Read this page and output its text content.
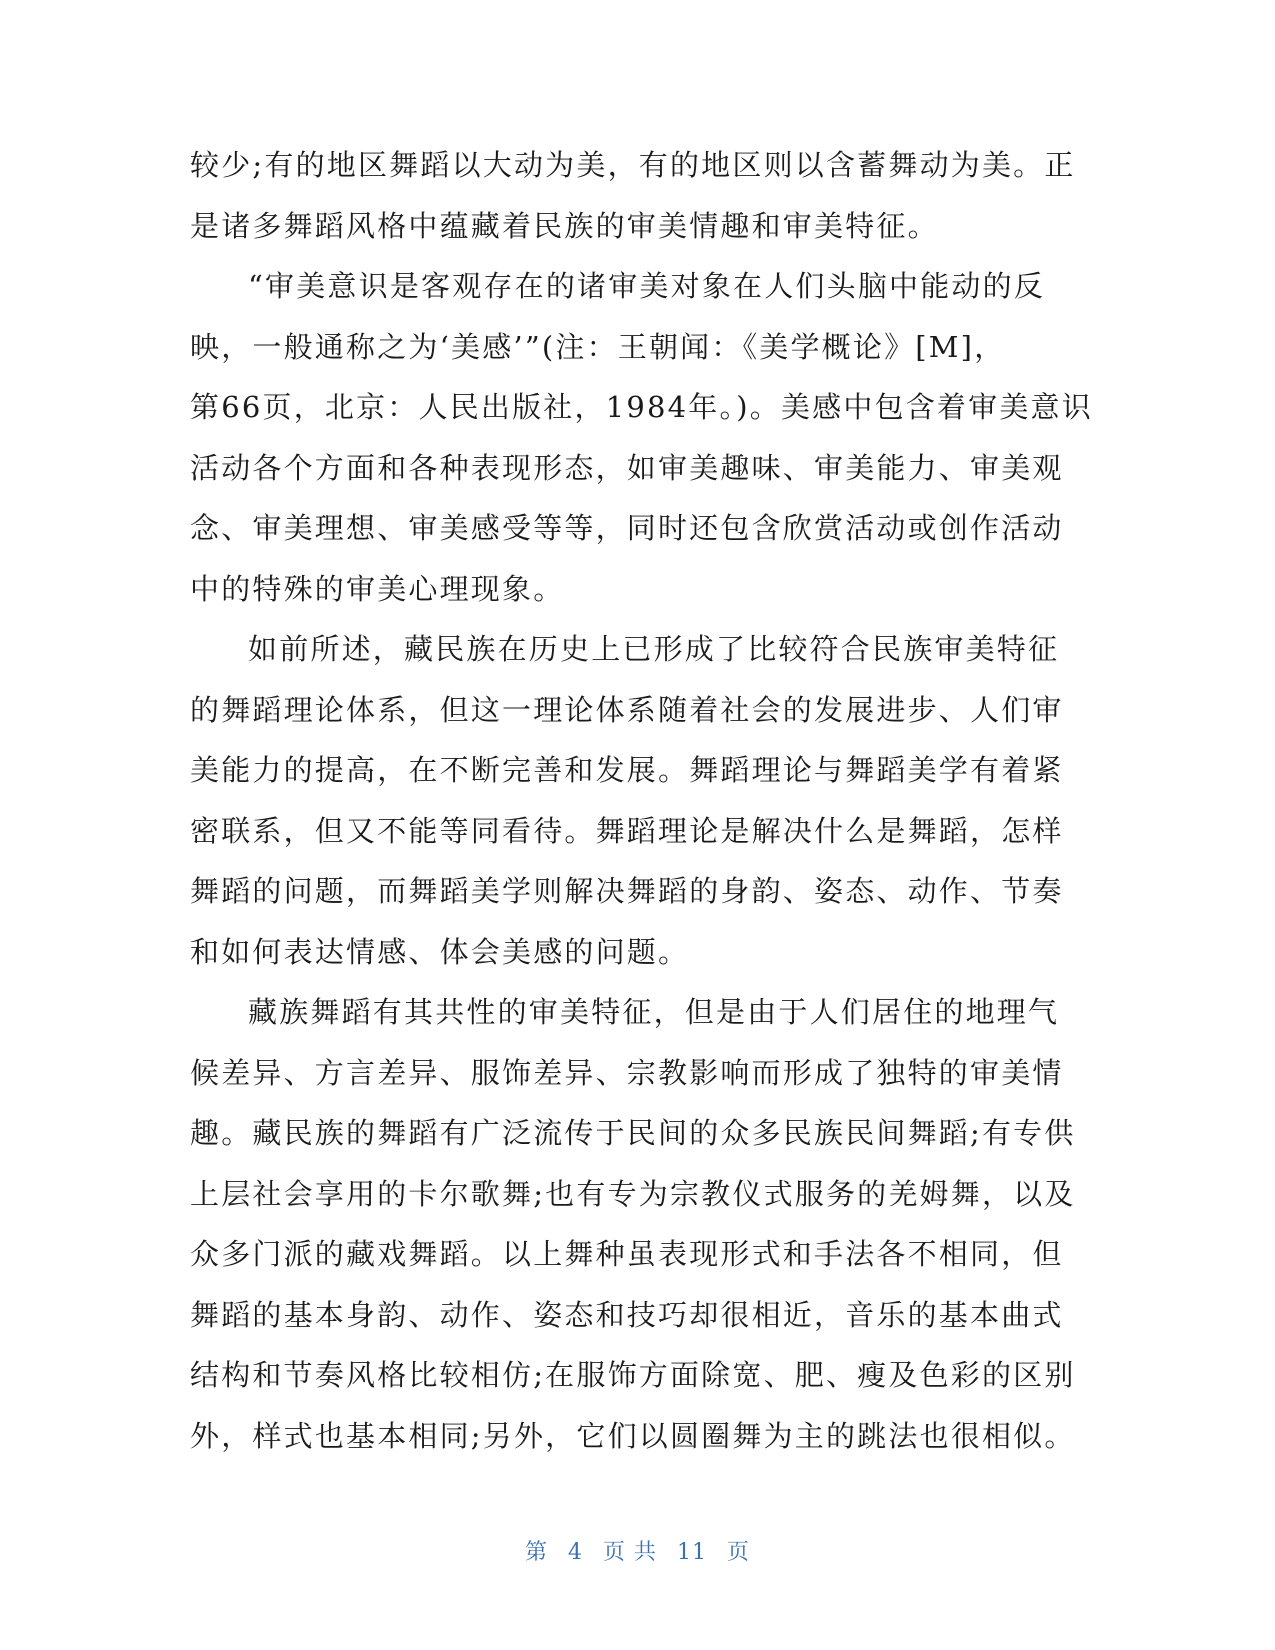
较少;有的地区舞蹈以大动为美，有的地区则以含蓄舞动为美。正
是诸多舞蹈风格中蕴藏着民族的审美情趣和审美特征。
“审美意识是客观存在的诸审美对象在人们头脑中能动的反
映，一般通称之为‘美感’”(注：王朝闻：《美学概论》[M]，
第66页，北京：人民出版社，1984年。)。美感中包含着审美意识
活动各个方面和各种表现形态，如审美趣味、审美能力、审美观
念、审美理想、审美感受等等，同时还包含欣赏活动或创作活动
中的特殊的审美心理现象。
如前所述，藏民族在历史上已形成了比较符合民族审美特征
的舞蹈理论体系，但这一理论体系随着社会的发展进步、人们审
美能力的提高，在不断完善和发展。舞蹈理论与舞蹈美学有着紧
密联系，但又不能等同看待。舞蹈理论是解决什么是舞蹈，怎样
舞蹈的问题，而舞蹈美学则解决舞蹈的身韵、姿态、动作、节奏
和如何表达情感、体会美感的问题。
藏族舞蹈有其共性的审美特征，但是由于人们居住的地理气
候差异、方言差异、服饰差异、宗教影响而形成了独特的审美情
趣。藏民族的舞蹈有广泛流传于民间的众多民族民间舞蹈;有专供
上层社会享用的卡尔歌舞;也有专为宗教仪式服务的羌姆舞，以及
众多门派的藏戏舞蹈。以上舞种虽表现形式和手法各不相同，但
舞蹈的基本身韵、动作、姿态和技巧却很相近，音乐的基本曲式
结构和节奏风格比较相仿;在服饰方面除宽、肥、瘦及色彩的区别
外，样式也基本相同;另外，它们以圆圈舞为主的跳法也很相似。
第 4 页 共 11 页
